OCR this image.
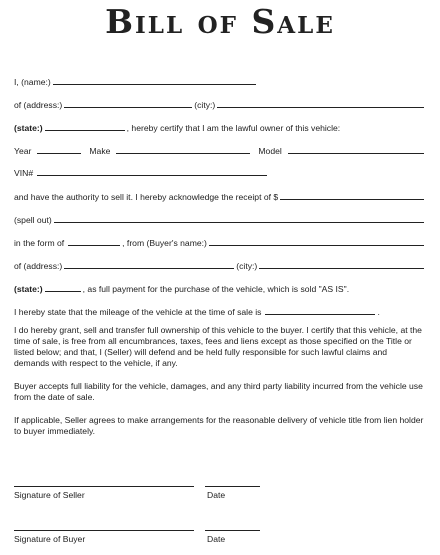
Bill of Sale
I, (name:)
of (address:)	(city:)
(state:)	, hereby certify that I am the lawful owner of this vehicle:
Year	Make	Model
VIN#
and have the authority to sell it. I hereby acknowledge the receipt of $
(spell out)
in the form of	, from (Buyer's name:)
of (address:)	(city:)
(state:)	, as full payment for the purchase of the vehicle, which is sold "AS IS".
I hereby state that the mileage of the vehicle at the time of sale is	.
I do hereby grant, sell and transfer full ownership of this vehicle to the buyer. I certify that this vehicle, at the time of sale, is free from all encumbrances, taxes, fees and liens except as those specified on the Title or listed below; and that, I (Seller) will defend and be held fully responsible for such lawful claims and demands with respect to the vehicle, if any.
Buyer accepts full liability for the vehicle, damages, and any third party liability incurred from the vehicle use from the date of sale.
If applicable, Seller agrees to make arrangements for the reasonable delivery of vehicle title from lien holder to buyer immediately.
Signature of Seller	Date
Signature of Buyer	Date
